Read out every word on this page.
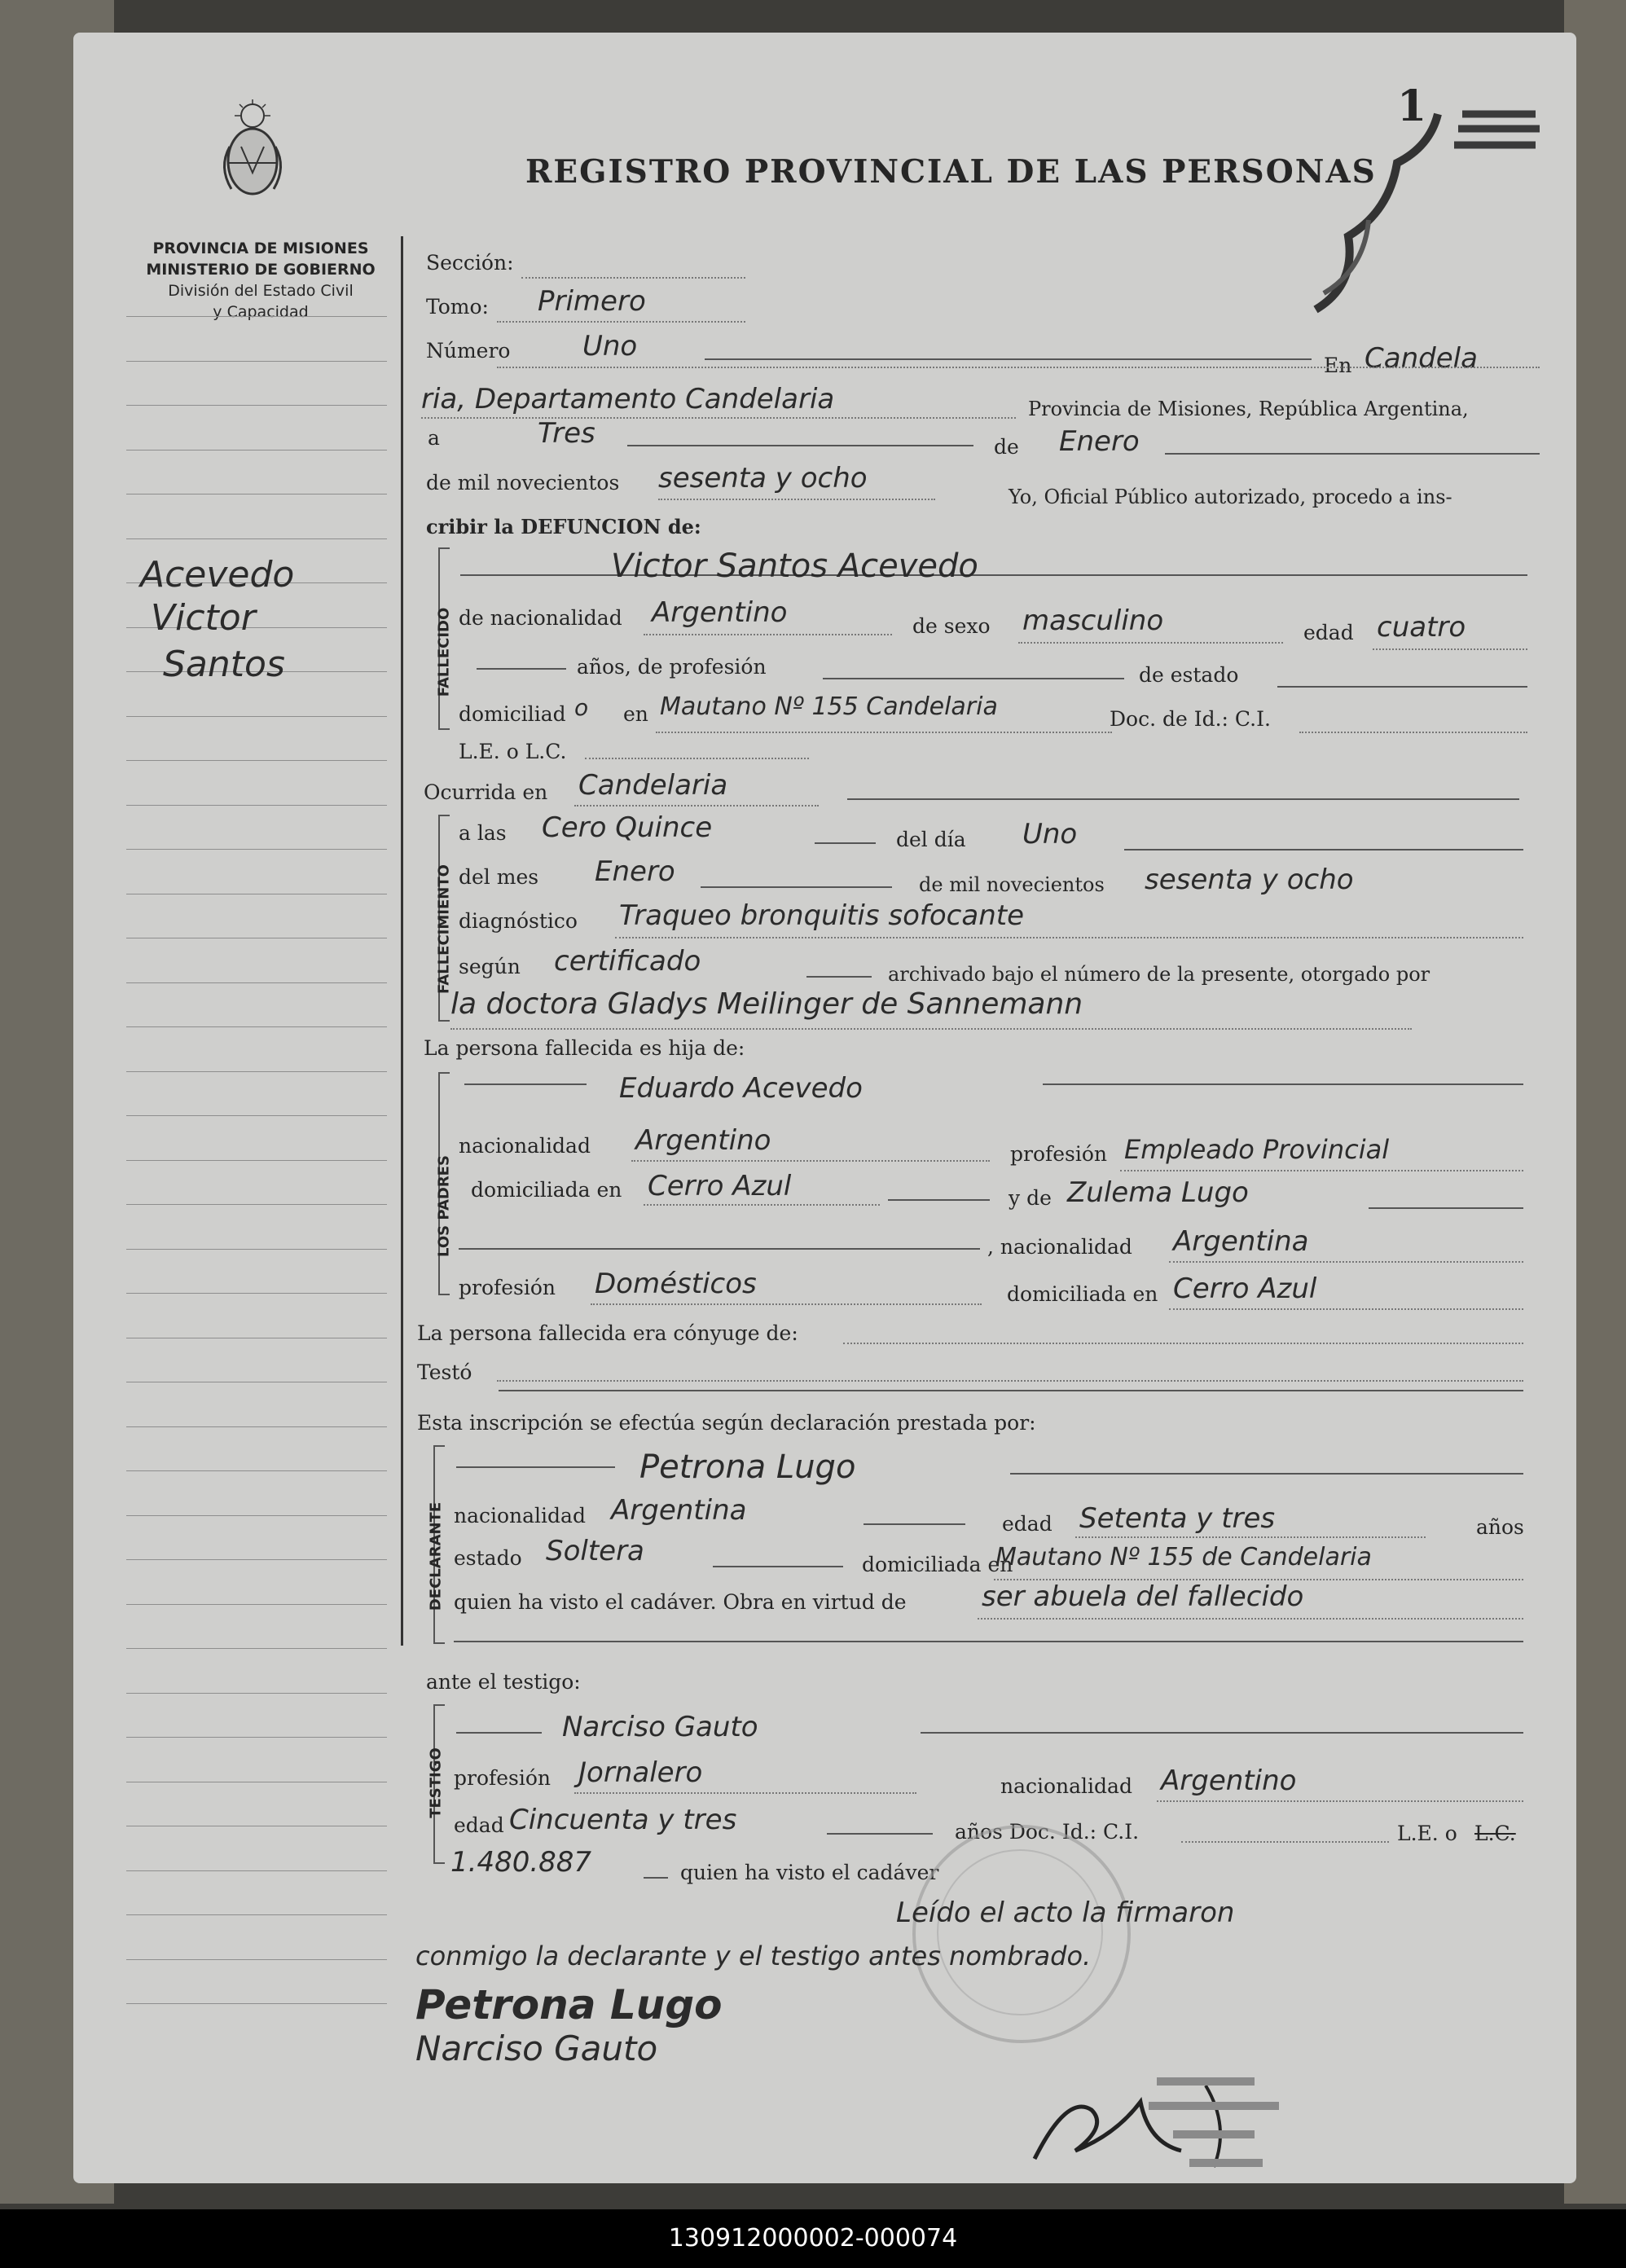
PROVINCIA DE MISIONES
MINISTERIO DE GOBIERNO
División del Estado Civil
y Capacidad
REGISTRO PROVINCIAL DE LAS PERSONAS
1
Acevedo
Victor
Santos
Sección:
Tomo: Primero
Número	Uno
En Candela
ria, Departamento Candelaria	Provincia de Misiones, República Argentina,
a	Tres	de Enero
de mil novecientos sesenta y ocho
Yo, Oficial Público autorizado, procedo a ins-
cribir la DEFUNCION de:
FALLECIDO
Victor Santos Acevedo
de nacionalidad Argentino	de sexo masculino	edad cuatro
años, de profesión	de estado
domiciliad o en Mautano Nº 155 Candelaria	Doc. de Id.: C.I.
L.E. o L.C.
Ocurrida en Candelaria
FALLECIMIENTO
a las Cero Quince	del día Uno
del mes Enero	de mil novecientos sesenta y ocho
diagnóstico Traqueo bronquitis sofocante
según certificado	archivado bajo el número de la presente, otorgado por
la doctora Gladys Meilinger de Sannemann
La persona fallecida es hija de:
LOS PADRES
Eduardo Acevedo
nacionalidad Argentino	profesión Empleado Provincial
domiciliada en Cerro Azul	y de Zulema Lugo
, nacionalidad Argentina
profesión Domésticos	domiciliada en Cerro Azul
La persona fallecida era cónyuge de:
Testó
Esta inscripción se efectúa según declaración prestada por:
DECLARANTE
Petrona Lugo
nacionalidad Argentina	edad Setenta y tres	años
estado Soltera	domiciliada en
Mautano Nº 155 de Candelaria
quien ha visto el cadáver. Obra en virtud de	ser abuela del fallecido
ante el testigo:
TESTIGO
Narciso Gauto
profesión Jornalero	nacionalidad Argentino
edad Cincuenta y tres	años Doc. Id.: C.I.	L.E. o L.C.
1.480.887	quien ha visto el cadáver
Leído el acto la firmaron
conmigo la declarante y el testigo antes nombrado.
Petrona Lugo
Narciso Gauto
130912000002-000074
